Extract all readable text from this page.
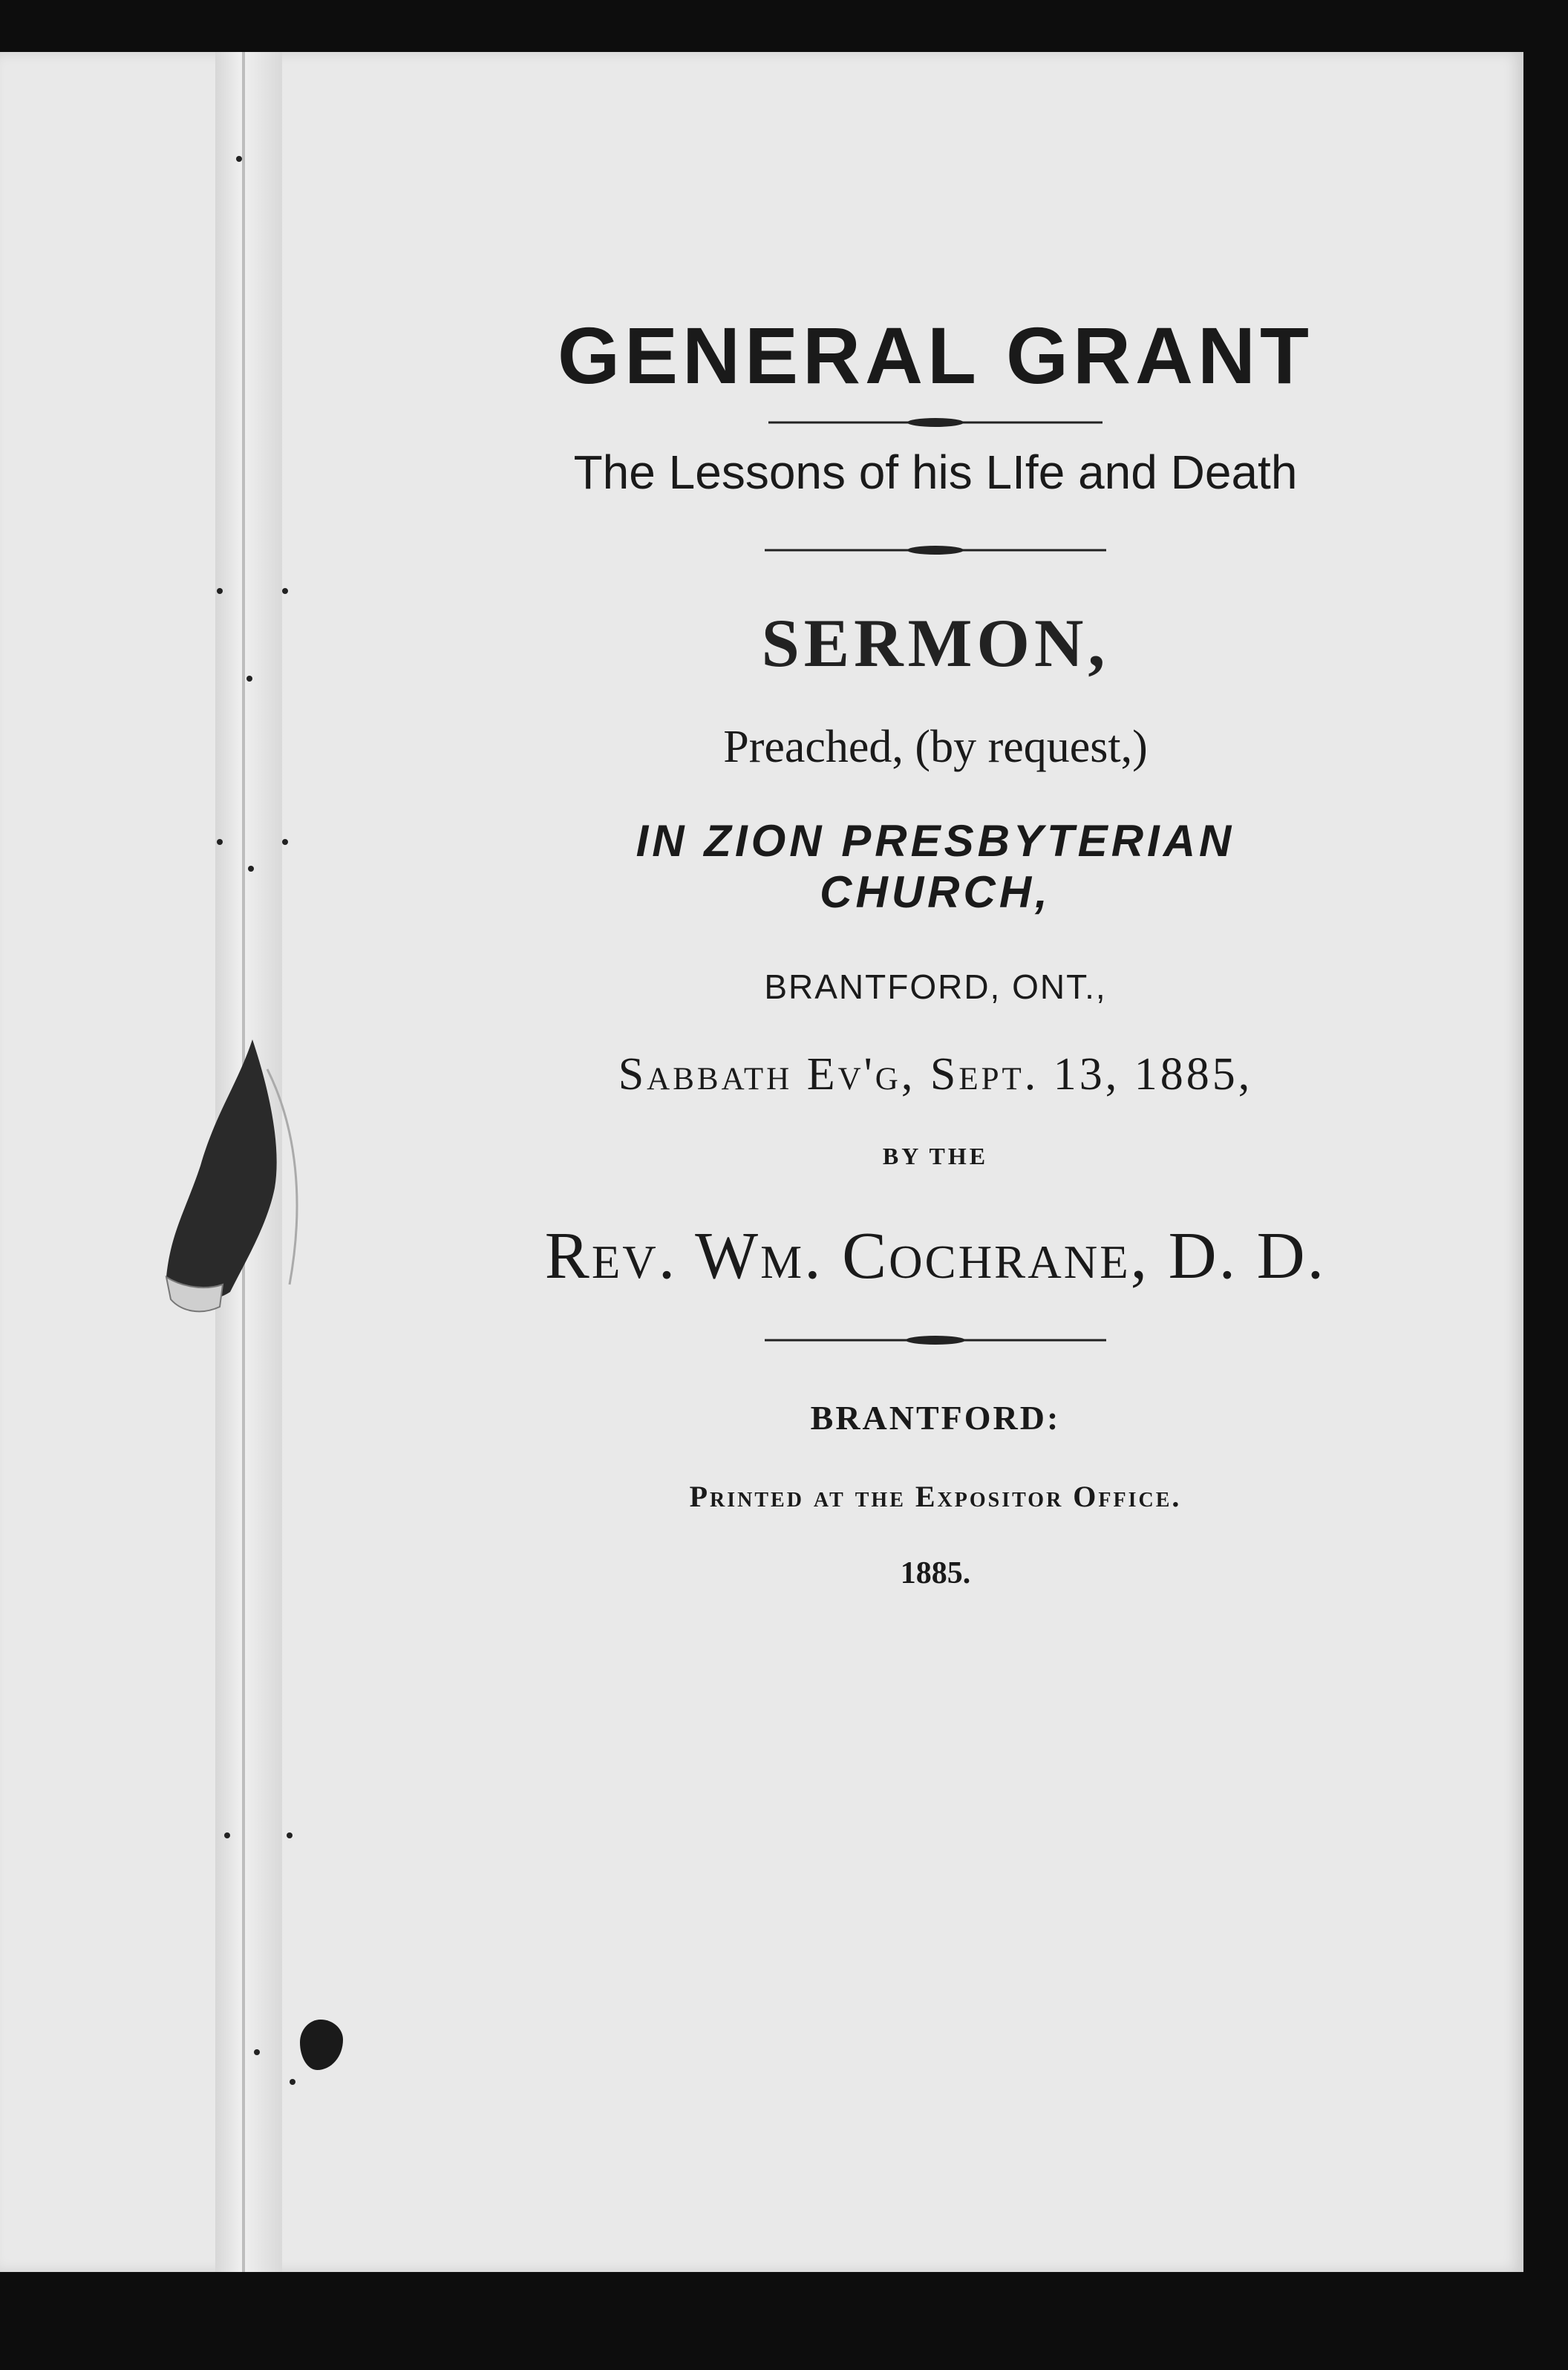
GENERAL GRANT

The Lessons of his LIfe and Death

SERMON,

Preached, (by request,)

IN ZION PRESBYTERIAN CHURCH,

BRANTFORD, ONT.,

Sabbath Ev'g, Sept. 13, 1885,

BY THE

Rev. Wm. Cochrane, D. D.

BRANTFORD:

Printed at the Expositor Office.

1885.
